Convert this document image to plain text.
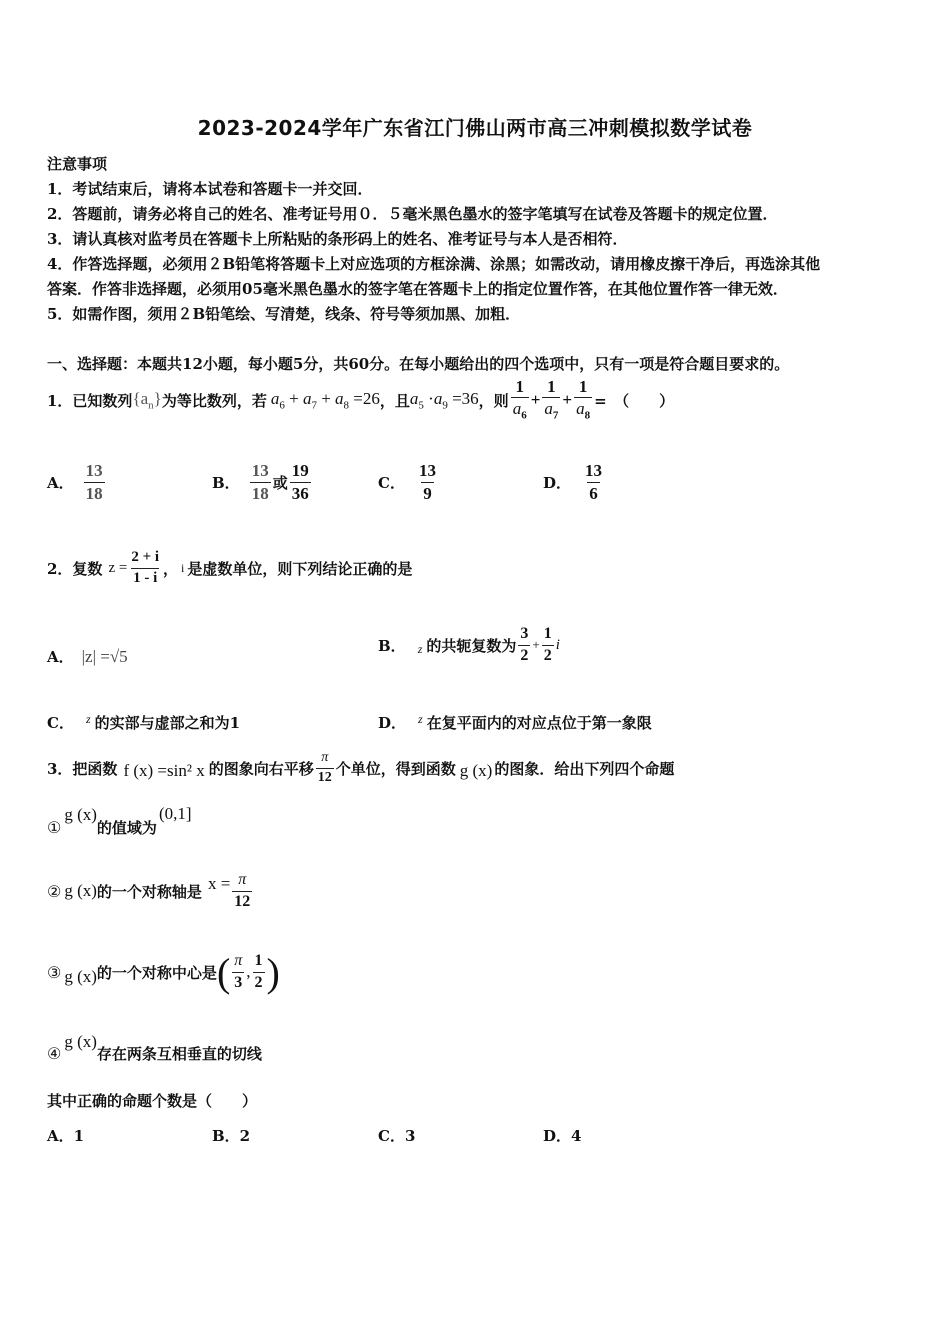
2023-2024学年广东省江门佛山两市高三冲刺模拟数学试卷
注意事项
1．考试结束后，请将本试卷和答题卡一并交回．
2．答题前，请务必将自己的姓名、准考证号用０．５毫米黑色墨水的签字笔填写在试卷及答题卡的规定位置．
3．请认真核对监考员在答题卡上所粘贴的条形码上的姓名、准考证号与本人是否相符．
4．作答选择题，必须用２B铅笔将答题卡上对应选项的方框涂满、涂黑；如需改动，请用橡皮擦干净后，再选涂其他
答案．作答非选择题，必须用05毫米黑色墨水的签字笔在答题卡上的指定位置作答，在其他位置作答一律无效．
5．如需作图，须用２B铅笔绘、写清楚，线条、符号等须加黑、加粗．
一、选择题：本题共12小题，每小题5分，共60分。在每小题给出的四个选项中，只有一项是符合题目要求的。
1．已知数列 $\{a_n\}$ 为等比数列，若 $a_6 + a_7 + a_8 =26$ ，且 $a_5 \cdot a_9 =36$ ，则 $\frac{1}{a_6} + \frac{1}{a_7} + \frac{1}{a_8}$ =　（　　）
A． $\frac{13}{18}$	B． $\frac{13}{18}$ 或 $\frac{19}{36}$	C． $\frac{13}{9}$	D． $\frac{13}{6}$
2．复数 $z = \frac{2 + i}{1 - i}$ ， i 是虚数单位，则下列结论正确的是
A． |z| =√5
B． z 的共轭复数为 $\frac{3}{2} + \frac{1}{2}$ i
C． z 的实部与虚部之和为1	D． z 在复平面内的对应点位于第一象限
3．把函数 f (x) =sin² x 的图象向右平移 $\frac{\pi}{12}$ 个单位，得到函数 g (x) 的图象．给出下列四个命题
①
g (x)
的值域为
(0,1]
② g (x) 的一个对称轴是 $x = \frac{\pi}{12}$
③ g (x) 的一个对称中心是 ( $\frac{\pi}{3}$ , $\frac{1}{2}$ )
④
g (x)
存在两条互相垂直的切线
其中正确的命题个数是（　　）
A．1	B．2	C．3	D．4
